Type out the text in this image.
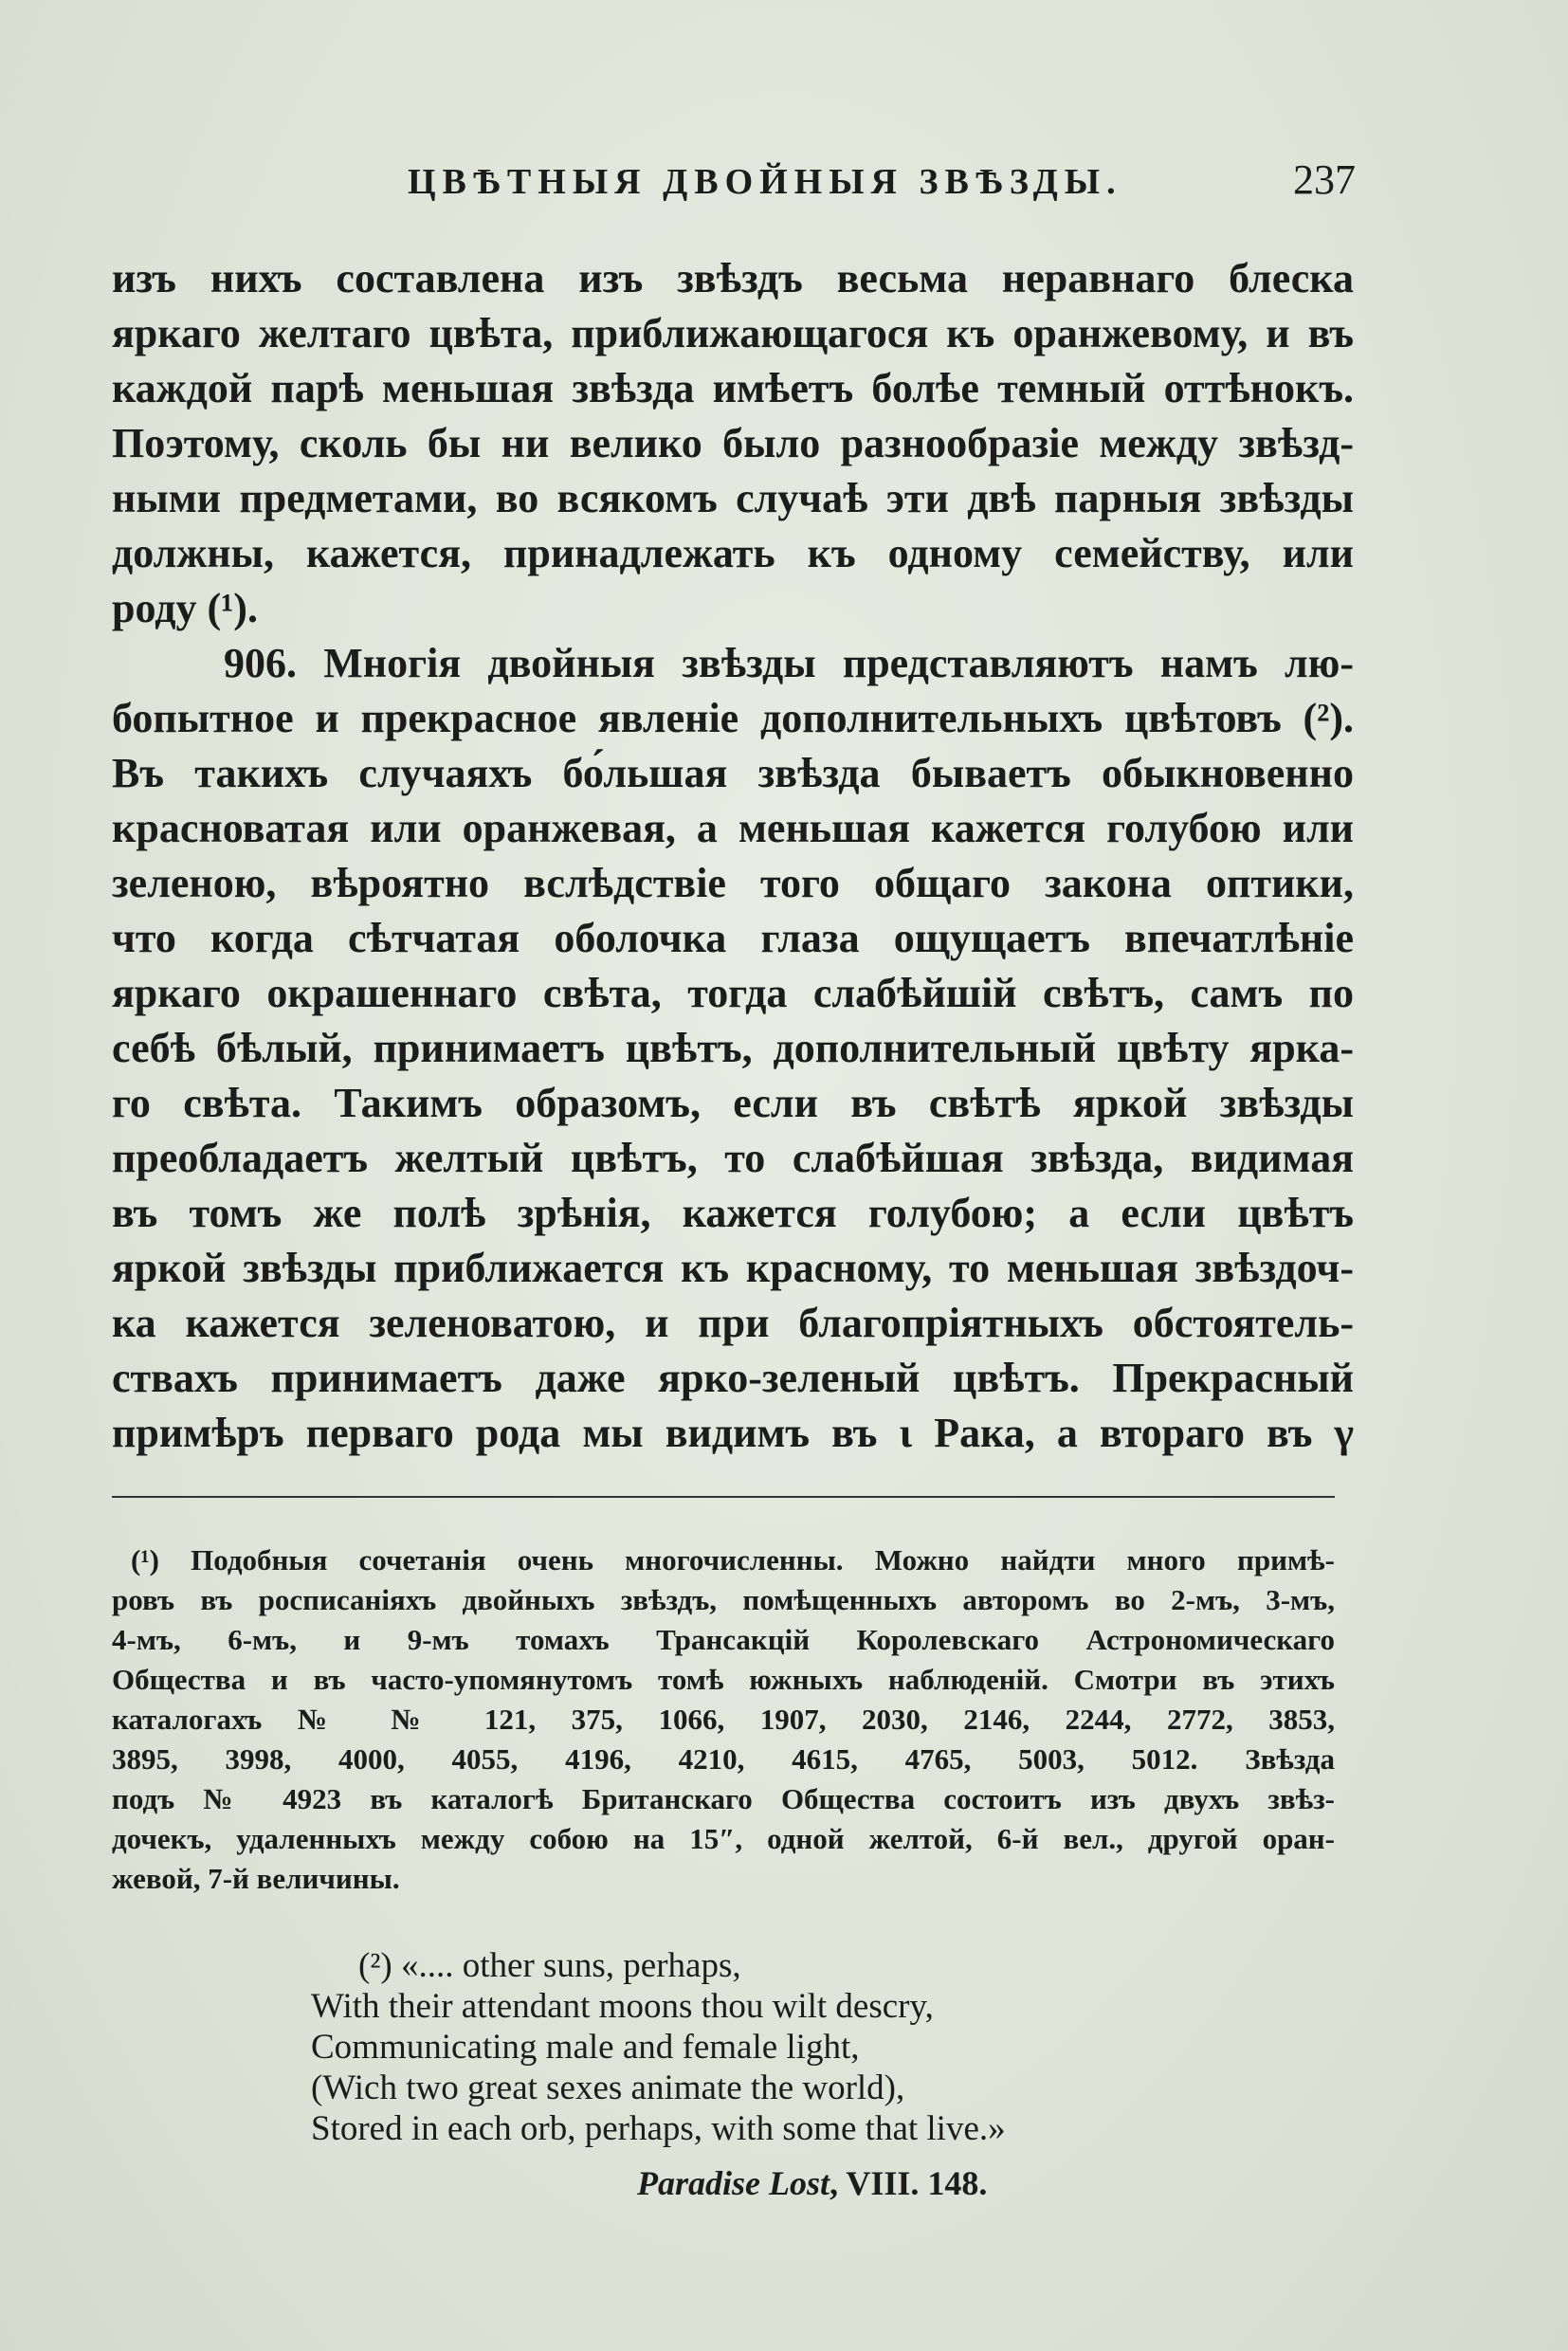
ЦВѢТНЫЯ ДВОЙНЫЯ ЗВѢЗДЫ.	237
изъ нихъ составлена изъ звѣздъ весьма неравнаго блеска
яркаго желтаго цвѣта, приближающагося къ оранжевому, и въ
каждой парѣ меньшая звѣзда имѣетъ болѣе темный оттѣнокъ.
Поэтому, сколь бы ни велико было разнообразіе между звѣзд-
ными предметами, во всякомъ случаѣ эти двѣ парныя звѣзды
должны, кажется, принадлежать къ одному семейству, или
роду (¹).
906. Многія двойныя звѣзды представляютъ намъ лю-
бопытное и прекрасное явленіе дополнительныхъ цвѣтовъ (²).
Въ такихъ случаяхъ бо́льшая звѣзда бываетъ обыкновенно
красноватая или оранжевая, а меньшая кажется голубою или
зеленою, вѣроятно вслѣдствіе того общаго закона оптики,
что когда сѣтчатая оболочка глаза ощущаетъ впечатлѣніе
яркаго окрашеннаго свѣта, тогда слабѣйшій свѣтъ, самъ по
себѣ бѣлый, принимаетъ цвѣтъ, дополнительный цвѣту ярка-
го свѣта. Такимъ образомъ, если въ свѣтѣ яркой звѣзды
преобладаетъ желтый цвѣтъ, то слабѣйшая звѣзда, видимая
въ томъ же полѣ зрѣнія, кажется голубою; а если цвѣтъ
яркой звѣзды приближается къ красному, то меньшая звѣздоч-
ка кажется зеленоватою, и при благопріятныхъ обстоятель-
ствахъ принимаетъ даже ярко-зеленый цвѣтъ. Прекрасный
примѣръ перваго рода мы видимъ въ ι Рака, а втораго въ γ
(¹) Подобныя сочетанія очень многочисленны. Можно найдти много примѣ-
ровъ въ росписаніяхъ двойныхъ звѣздъ, помѣщенныхъ авторомъ во 2-мъ, 3-мъ,
4-мъ, 6-мъ, и 9-мъ томахъ Трансакцій Королевскаго Астрономическаго
Общества и въ часто-упомянутомъ томѣ южныхъ наблюденій. Смотри въ этихъ
каталогахъ № № 121, 375, 1066, 1907, 2030, 2146, 2244, 2772, 3853,
3895, 3998, 4000, 4055, 4196, 4210, 4615, 4765, 5003, 5012. Звѣзда
подъ № 4923 въ каталогѣ Британскаго Общества состоитъ изъ двухъ звѣз-
дочекъ, удаленныхъ между собою на 15″, одной желтой, 6-й вел., другой оран-
жевой, 7-й величины.
(²) «.... other suns, perhaps,
With their attendant moons thou wilt descry,
Communicating male and female light,
(Wich two great sexes animate the world),
Stored in each orb, perhaps, with some that live.»
Paradise Lost, VIII. 148.
